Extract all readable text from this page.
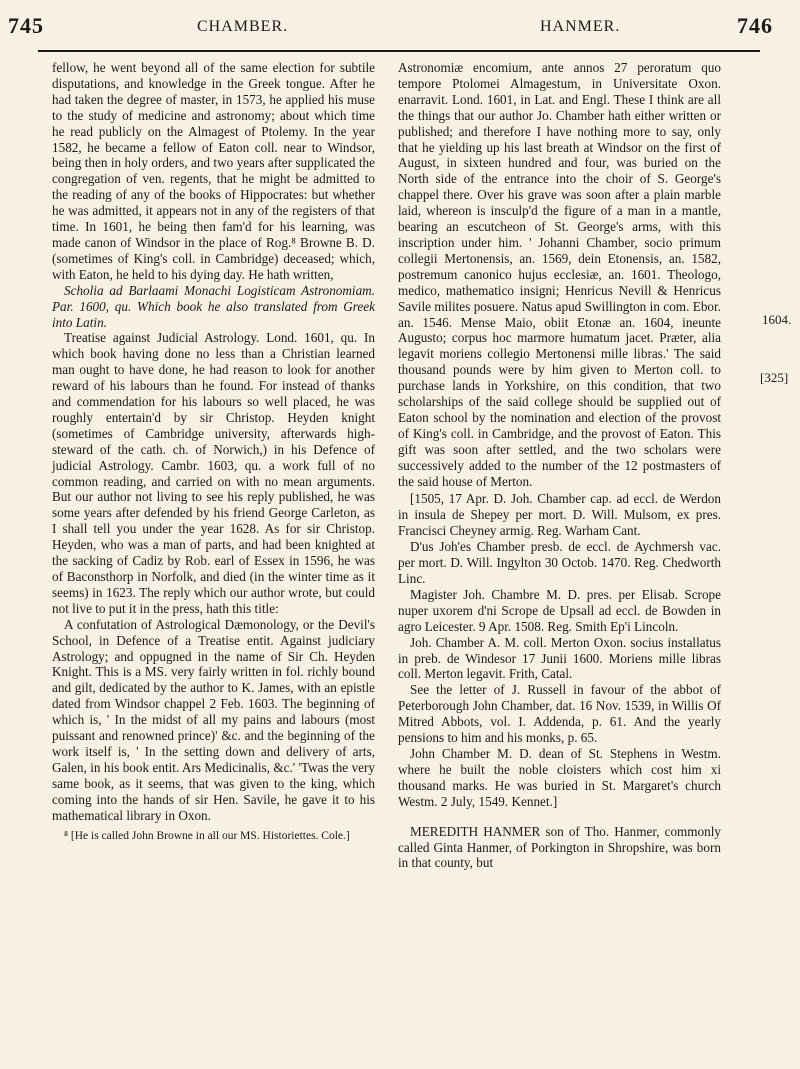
745	CHAMBER.	HANMER.	746

fellow, he went beyond all of the same election for subtile disputations, and knowledge in the Greek tongue. After he had taken the degree of master, in 1573, he applied his muse to the study of medicine and astronomy; about which time he read publicly on the Almagest of Ptolemy. In the year 1582, he became a fellow of Eaton coll. near to Windsor, being then in holy orders, and two years after supplicated the congregation of ven. regents, that he might be admitted to the reading of any of the books of Hippocrates: but whether he was admitted, it appears not in any of the registers of that time. In 1601, he being then fam'd for his learning, was made canon of Windsor in the place of Rog.⁸ Browne B. D. (sometimes of King's coll. in Cambridge) deceased; which, with Eaton, he held to his dying day. He hath written,

Scholia ad Barlaami Monachi Logisticam Astronomiam. Par. 1600, qu. Which book he also translated from Greek into Latin.

Treatise against Judicial Astrology. Lond. 1601, qu. In which book having done no less than a Christian learned man ought to have done, he had reason to look for another reward of his labours than he found. For instead of thanks and commendation for his labours so well placed, he was roughly entertain'd by sir Christop. Heyden knight (sometimes of Cambridge university, afterwards high-steward of the cath. ch. of Norwich,) in his Defence of judicial Astrology. Cambr. 1603, qu. a work full of no common reading, and carried on with no mean arguments. But our author not living to see his reply published, he was some years after defended by his friend George Carleton, as I shall tell you under the year 1628. As for sir Christop. Heyden, who was a man of parts, and had been knighted at the sacking of Cadiz by Rob. earl of Essex in 1596, he was of Baconsthorp in Norfolk, and died (in the winter time as it seems) in 1623. The reply which our author wrote, but could not live to put it in the press, hath this title:

A confutation of Astrological Dæmonology, or the Devil's School, in Defence of a Treatise entit. Against judiciary Astrology; and oppugned in the name of Sir Ch. Heyden Knight. This is a MS. very fairly written in fol. richly bound and gilt, dedicated by the author to K. James, with an epistle dated from Windsor chappel 2 Feb. 1603. The beginning of which is, ' In the midst of all my pains and labours (most puissant and renowned prince)' &c. and the beginning of the work itself is, ' In the setting down and delivery of arts, Galen, in his book entit. Ars Medicinalis, &c.' 'Twas the very same book, as it seems, that was given to the king, which coming into the hands of sir Hen. Savile, he gave it to his mathematical library in Oxon.

⁸ [He is called John Browne in all our MS. Historiettes. Cole.]

Astronomiæ encomium, ante annos 27 peroratum quo tempore Ptolomei Almagestum, in Universitate Oxon. enarravit. Lond. 1601, in Lat. and Engl. These I think are all the things that our author Jo. Chamber hath either written or published; and therefore I have nothing more to say, only that he yielding up his last breath at Windsor on the first of August, in sixteen hundred and four, was buried on the North side of the entrance into the choir of S. George's chappel there. Over his grave was soon after a plain marble laid, whereon is insculp'd the figure of a man in a mantle, bearing an escutcheon of St. George's arms, with this inscription under him. ' Johanni Chamber, socio primum collegii Mertonensis, an. 1569, dein Etonensis, an. 1582, postremum canonico hujus ecclesiæ, an. 1601. Theologo, medico, mathematico insigni; Henricus Nevill & Henricus Savile milites posuere. Natus apud Swillington in com. Ebor. an. 1546. Mense Maio, obiit Etonæ an. 1604, ineunte Augusto; corpus hoc marmore humatum jacet. Præter, alia legavit moriens collegio Mertonensi mille libras.' The said thousand pounds were by him given to Merton coll. to purchase lands in Yorkshire, on this condition, that two scholarships of the said college should be supplied out of Eaton school by the nomination and election of the provost of King's coll. in Cambridge, and the provost of Eaton. This gift was soon after settled, and the two scholars were successively added to the number of the 12 postmasters of the said house of Merton.

[1505, 17 Apr. D. Joh. Chamber cap. ad eccl. de Werdon in insula de Shepey per mort. D. Will. Mulsom, ex pres. Francisci Cheyney armig. Reg. Warham Cant.

D'us Joh'es Chamber presb. de eccl. de Aychmersh vac. per mort. D. Will. Ingylton 30 Octob. 1470. Reg. Chedworth Linc.

Magister Joh. Chambre M. D. pres. per Elisab. Scrope nuper uxorem d'ni Scrope de Upsall ad eccl. de Bowden in agro Leicester. 9 Apr. 1508. Reg. Smith Ep'i Lincoln.

Joh. Chamber A. M. coll. Merton Oxon. socius installatus in preb. de Windesor 17 Junii 1600. Moriens mille libras coll. Merton legavit. Frith, Catal.

See the letter of J. Russell in favour of the abbot of Peterborough John Chamber, dat. 16 Nov. 1539, in Willis Of Mitred Abbots, vol. I. Addenda, p. 61. And the yearly pensions to him and his monks, p. 65.

John Chamber M. D. dean of St. Stephens in Westm. where he built the noble cloisters which cost him xi thousand marks. He was buried in St. Margaret's church Westm. 2 July, 1549. Kennet.]

MEREDITH HANMER son of Tho. Hanmer, commonly called Ginta Hanmer, of Porkington in Shropshire, was born in that county, but

1604.
[325]
